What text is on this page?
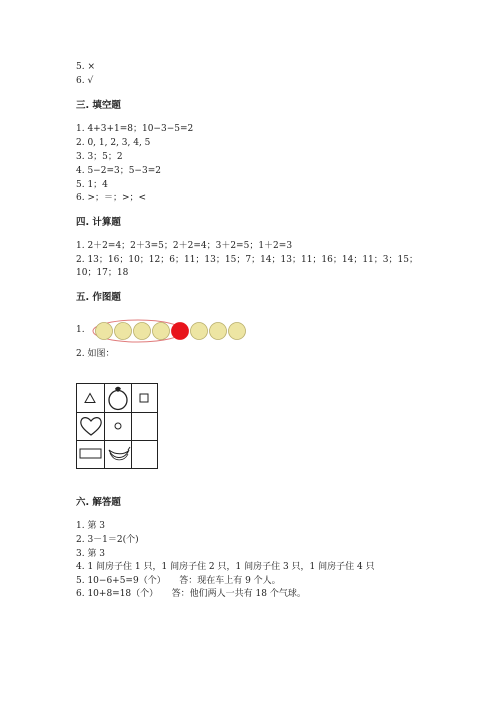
5. ×
6. √
三. 填空题
1. 4+3+1=8；10−3−5=2
2. 0, 1, 2, 3, 4, 5
3. 3；5；2
4. 5−2=3；5−3=2
5. 1；4
6. >；＝；>；<
四. 计算题
1. 2＋2=4；2＋3=5；2＋2=4；3＋2=5；1＋2=3
2. 13；16；10；12；6；11；13；15；7；14；13；11；16；14；11；3；15；
10；17；18
五. 作图题
1.
2. 如图：
六. 解答题
1. 第 3
2. 3－1＝2(个)
3. 第 3
4. 1 间房子住 1 只，1 间房子住 2 只，1 间房子住 3 只，1 间房子住 4 只
5. 10−6+5=9（个）　　答：现在车上有 9 个人。
6. 10+8=18（个）　　答：他们两人一共有 18 个气球。
